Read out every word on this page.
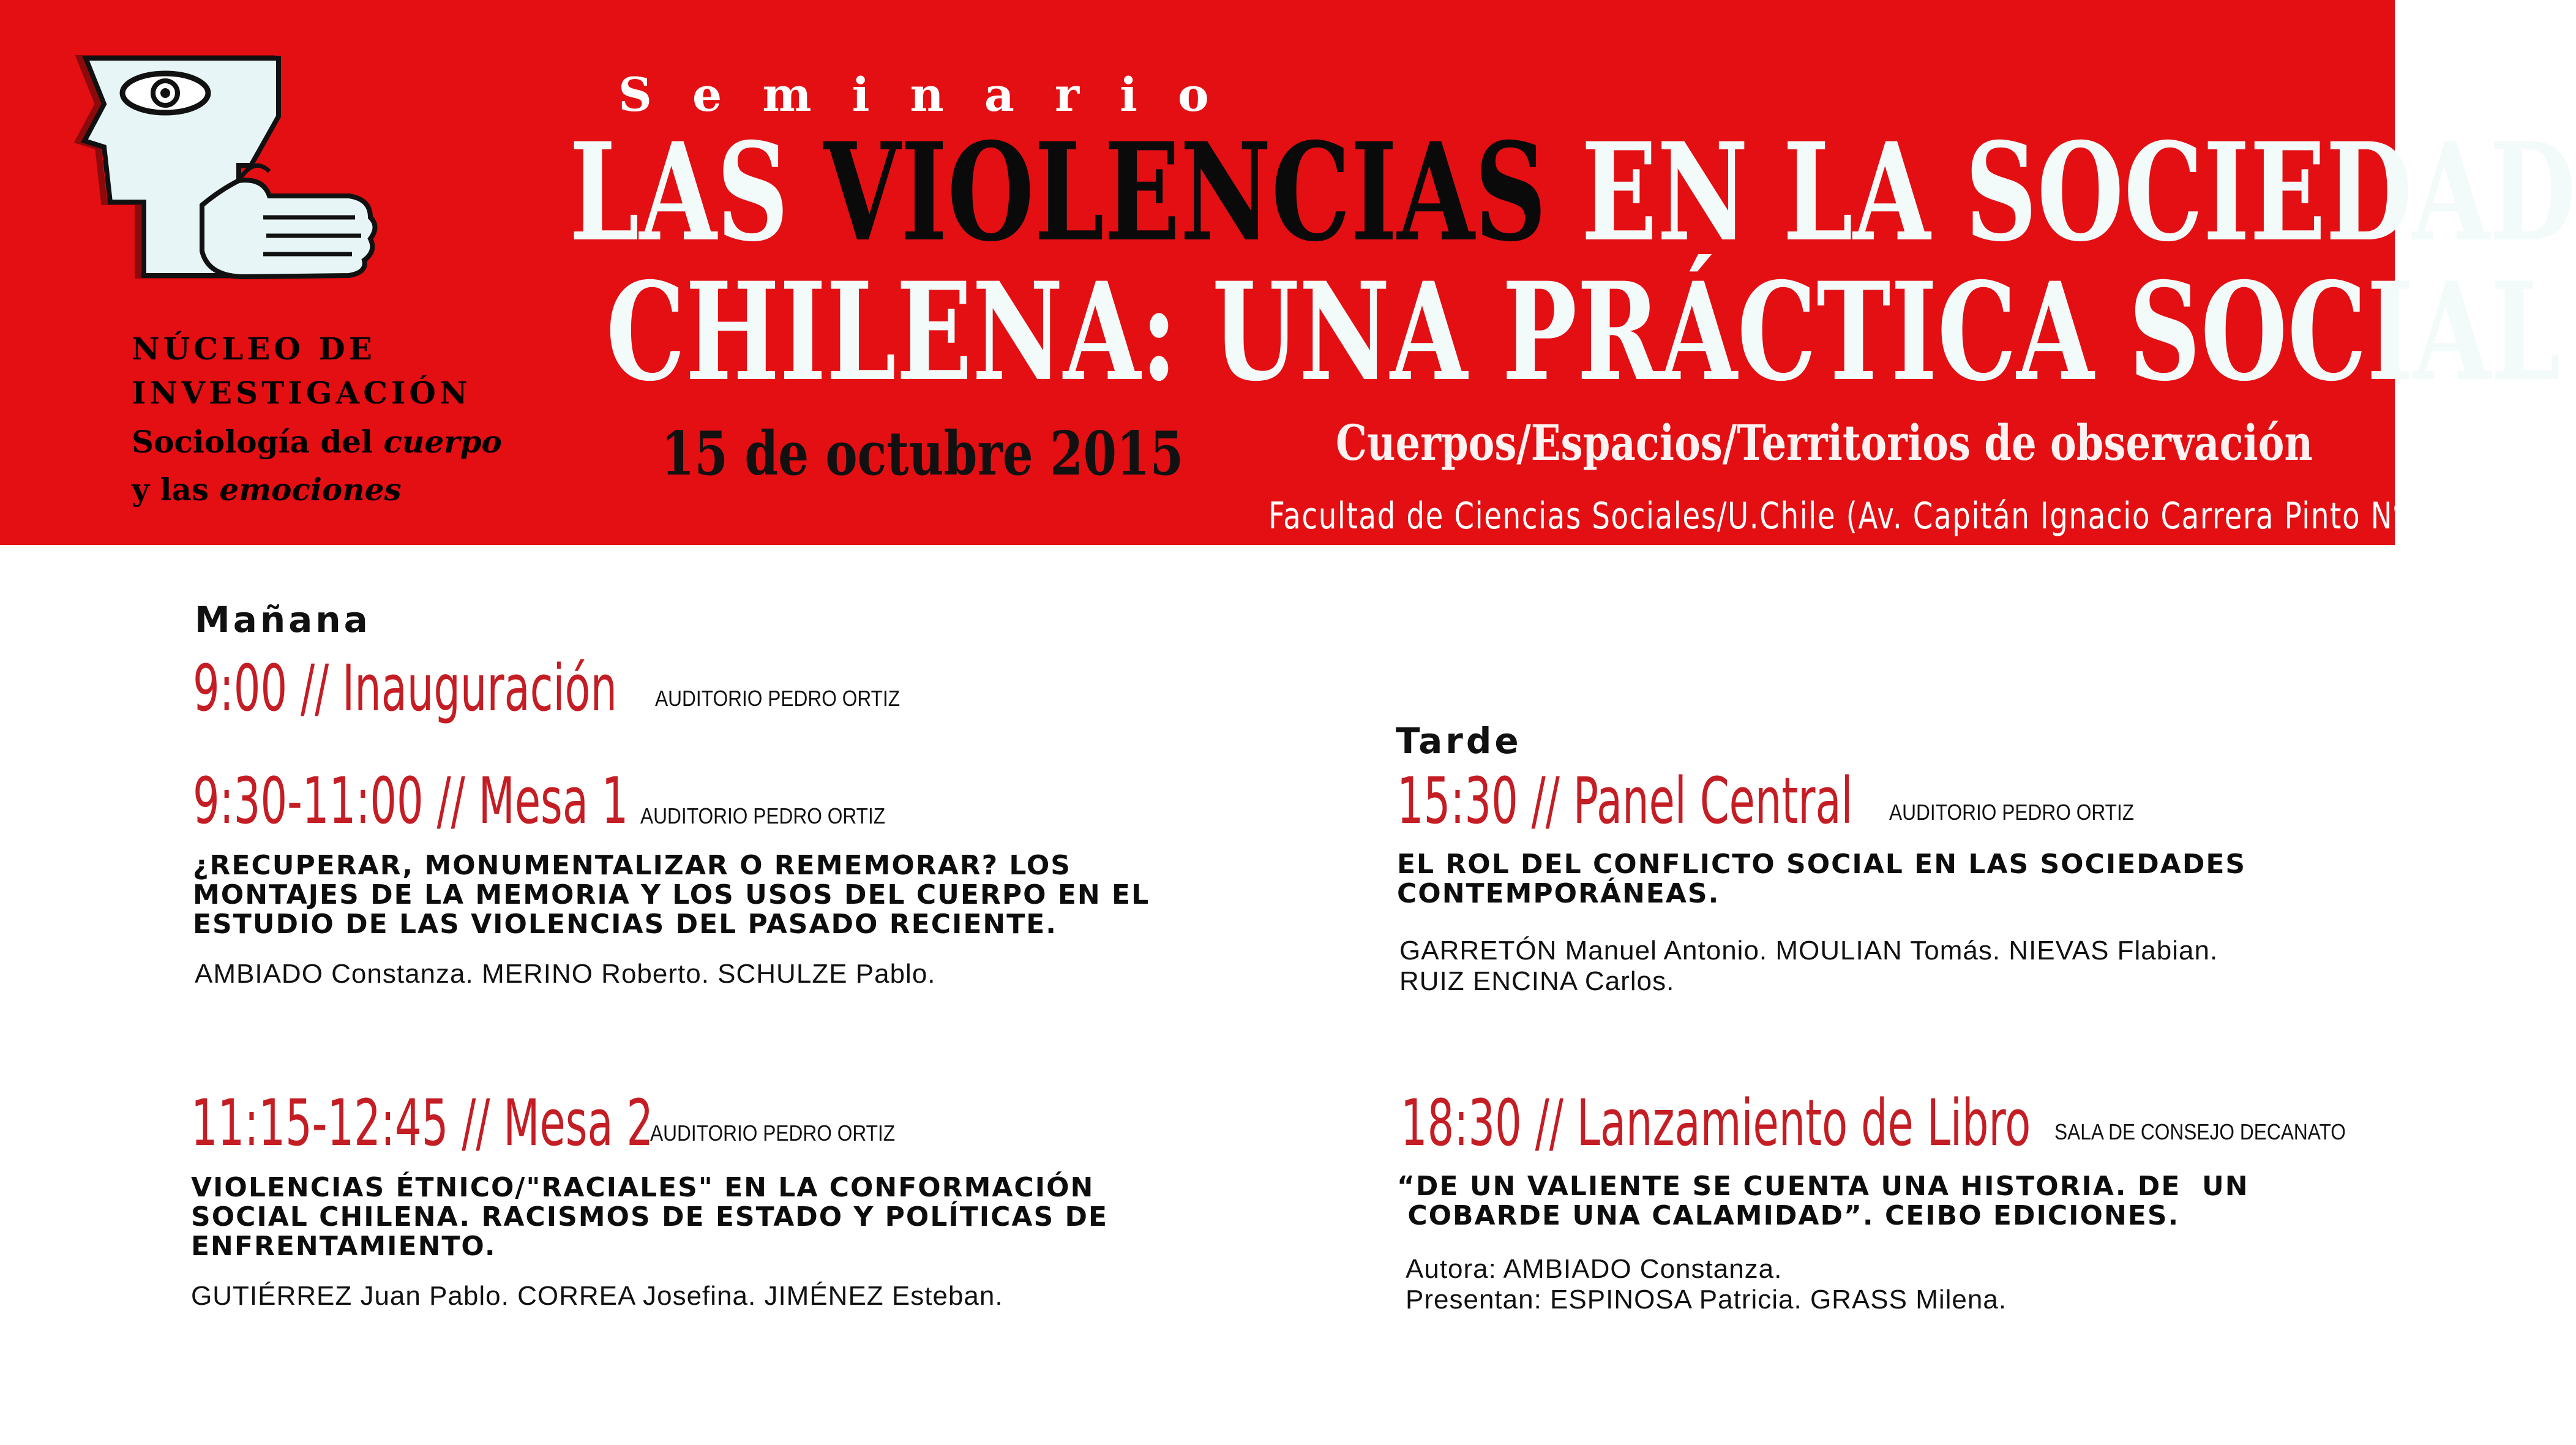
NÚCLEO DE
INVESTIGACIÓN
Sociología del cuerpo
y las emociones
Seminario
LAS VIOLENCIAS EN LA SOCIEDAD
CHILENA: UNA PRÁCTICA SOCIAL
15 de octubre 2015	Cuerpos/Espacios/Territorios de observación
Facultad de Ciencias Sociales/U.Chile (Av. Capitán Ignacio Carrera Pinto Nº 1045)
Mañana
9:00 // Inauguración AUDITORIO PEDRO ORTIZ
9:30-11:00 // Mesa 1 AUDITORIO PEDRO ORTIZ
¿RECUPERAR, MONUMENTALIZAR O REMEMORAR? LOS
MONTAJES DE LA MEMORIA Y LOS USOS DEL CUERPO EN EL
ESTUDIO DE LAS VIOLENCIAS DEL PASADO RECIENTE.
AMBIADO Constanza. MERINO Roberto. SCHULZE Pablo.
11:15-12:45 // Mesa 2
AUDITORIO PEDRO ORTIZ
VIOLENCIAS ÉTNICO/"RACIALES" EN LA CONFORMACIÓN
SOCIAL CHILENA. RACISMOS DE ESTADO Y POLÍTICAS DE
ENFRENTAMIENTO.
GUTIÉRREZ Juan Pablo. CORREA Josefina. JIMÉNEZ Esteban.
Tarde
15:30 // Panel Central AUDITORIO PEDRO ORTIZ
EL ROL DEL CONFLICTO SOCIAL EN LAS SOCIEDADES
CONTEMPORÁNEAS.
GARRETÓN Manuel Antonio. MOULIAN Tomás. NIEVAS Flabian.
RUIZ ENCINA Carlos.
18:30 // Lanzamiento de Libro SALA DE CONSEJO DECANATO
“DE UN VALIENTE SE CUENTA UNA HISTORIA. DE  UN
COBARDE UNA CALAMIDAD”. CEIBO EDICIONES.
Autora: AMBIADO Constanza.
Presentan: ESPINOSA Patricia. GRASS Milena.
